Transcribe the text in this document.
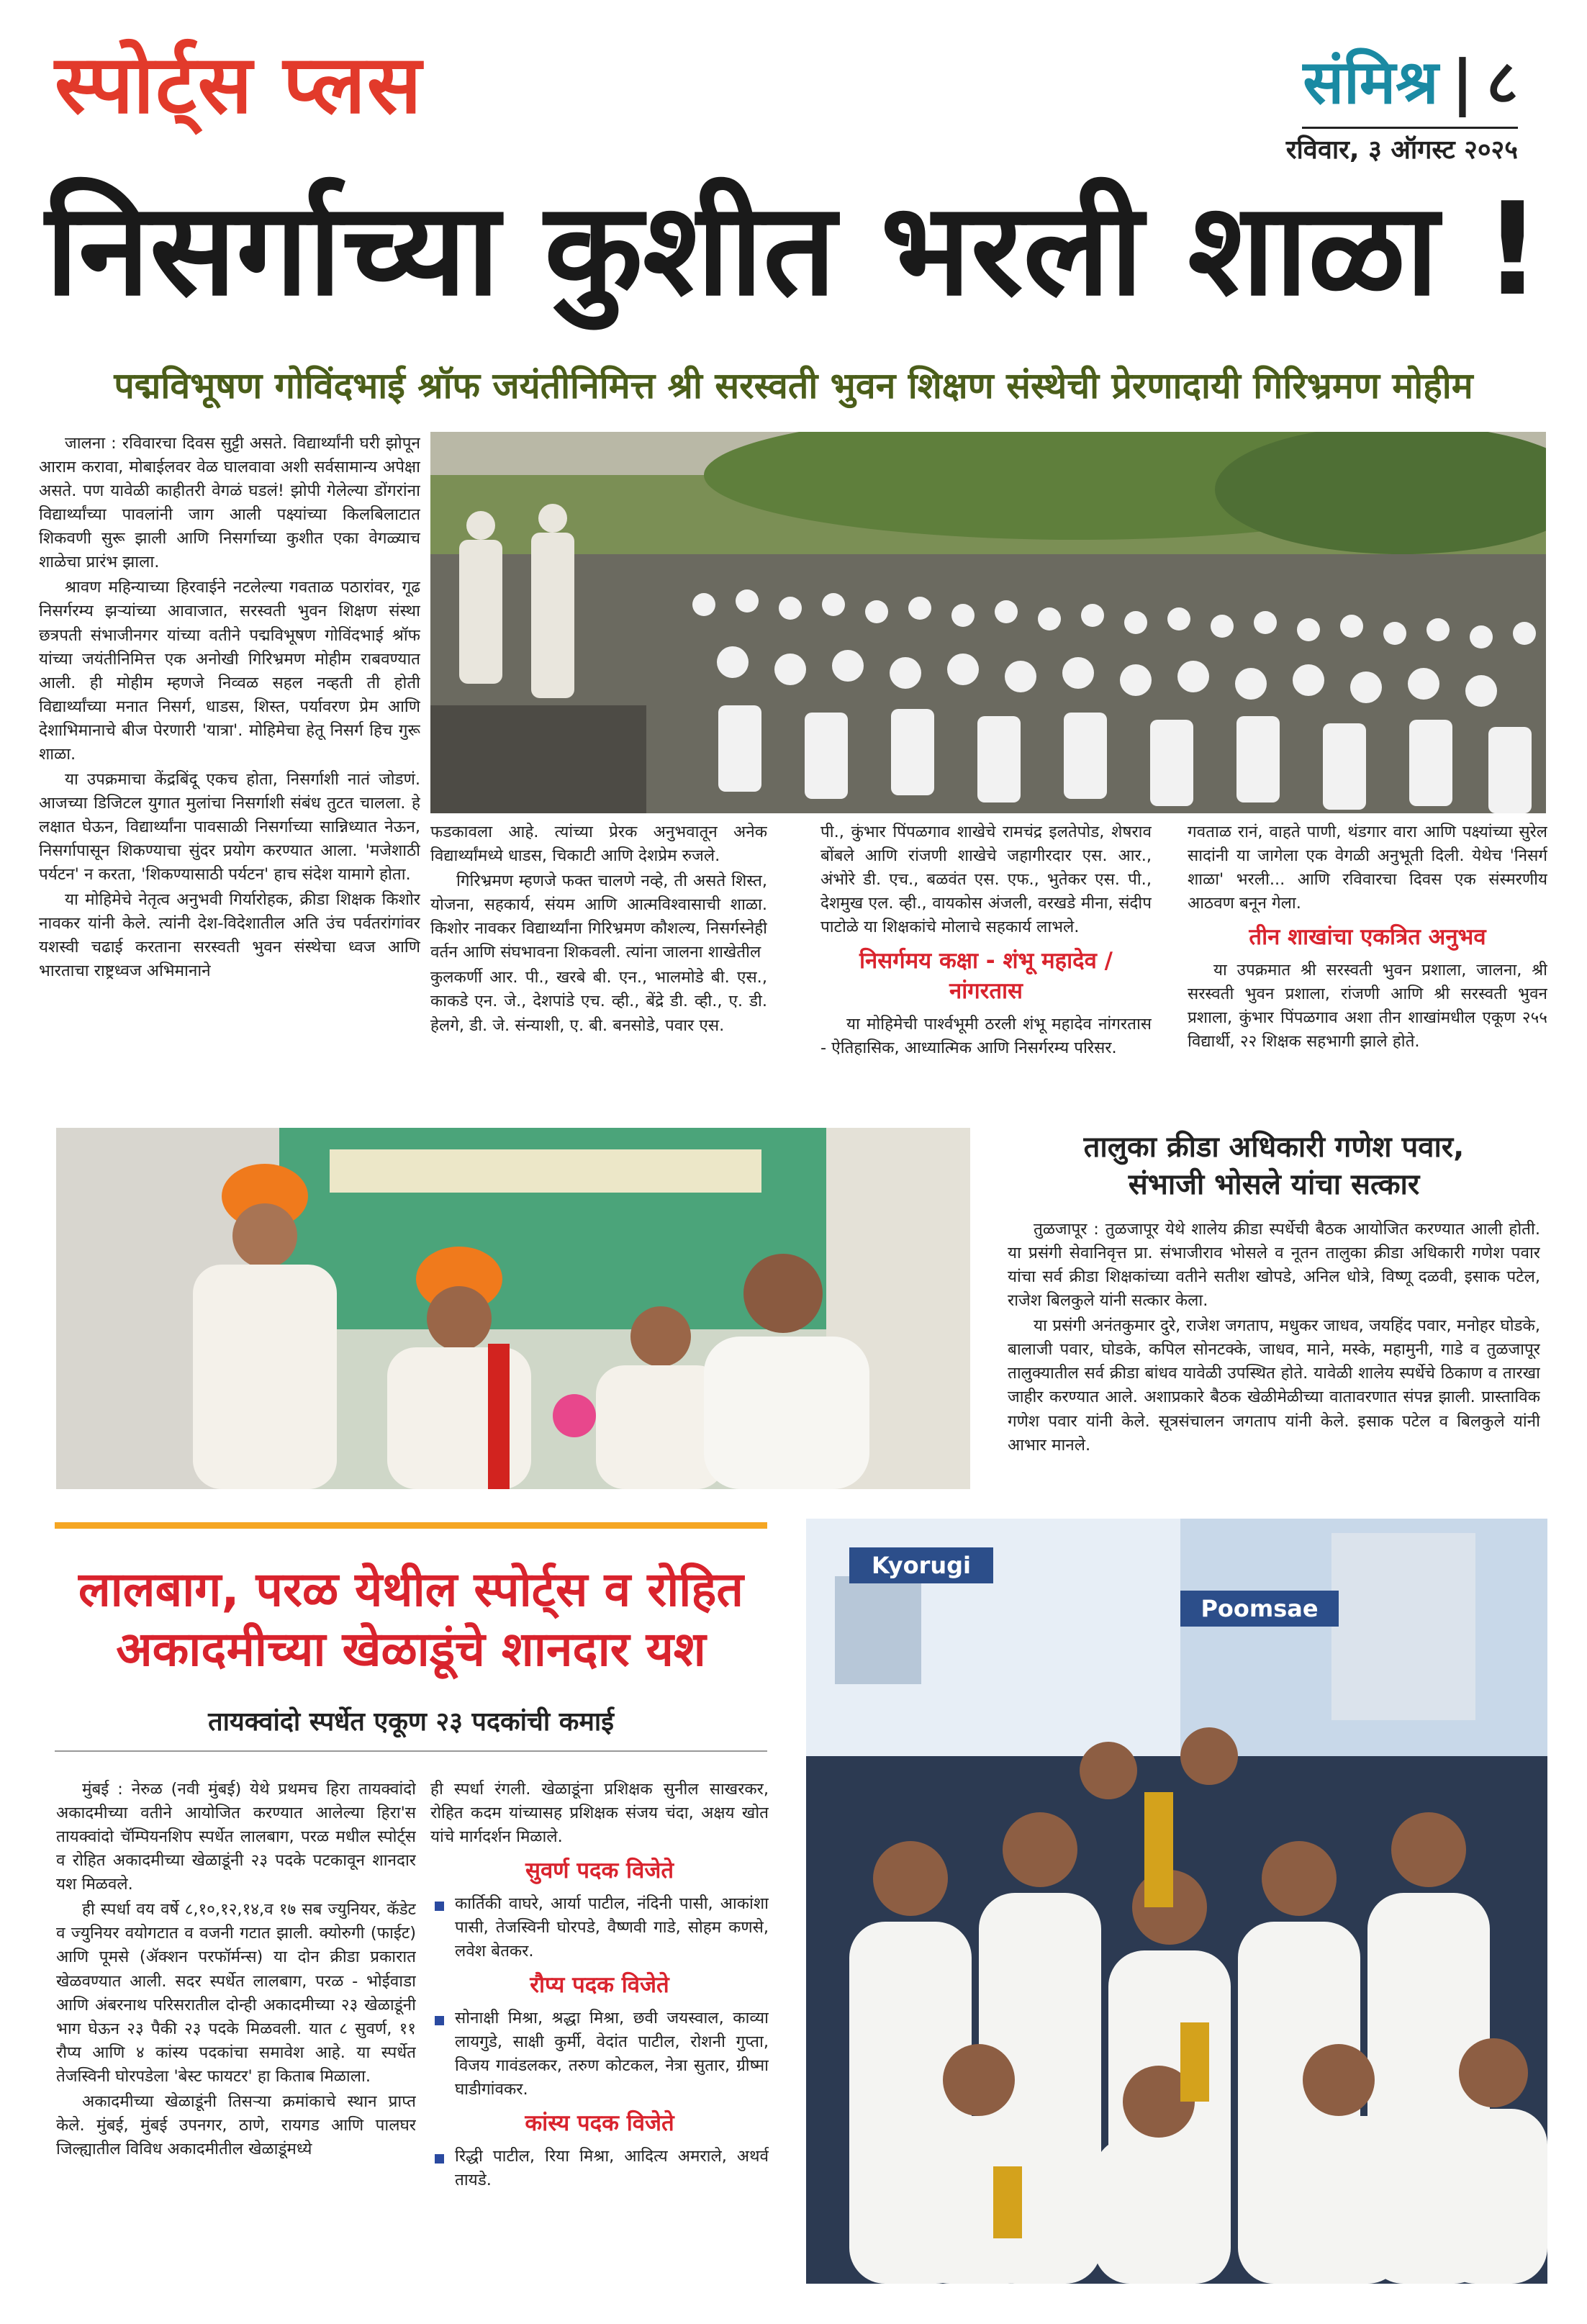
स्पोर्ट्स प्लस	संमिश्र | ८
रविवार, ३ ऑगस्ट २०२५
निसर्गाच्या कुशीत भरली शाळा !
पद्मविभूषण गोविंदभाई श्रॉफ जयंतीनिमित्त श्री सरस्वती भुवन शिक्षण संस्थेची प्रेरणादायी गिरिभ्रमण मोहीम

जालना : रविवारचा दिवस सुट्टी असते. विद्यार्थ्यांनी घरी झोपून आराम करावा, मोबाईलवर वेळ घालवावा अशी सर्वसामान्य अपेक्षा असते. पण यावेळी काहीतरी वेगळं घडलं! झोपी गेलेल्या डोंगरांना विद्यार्थ्यांच्या पावलांनी जाग आली पक्ष्यांच्या किलबिलाटात शिकवणी सुरू झाली आणि निसर्गाच्या कुशीत एका वेगळ्याच शाळेचा प्रारंभ झाला.

श्रावण महिन्याच्या हिरवाईने नटलेल्या गवताळ पठारांवर, गूढ निसर्गरम्य झऱ्यांच्या आवाजात, सरस्वती भुवन शिक्षण संस्था छत्रपती संभाजीनगर यांच्या वतीने पद्मविभूषण गोविंदभाई श्रॉफ यांच्या जयंतीनिमित्त एक अनोखी गिरिभ्रमण मोहीम राबवण्यात आली. ही मोहीम म्हणजे निव्वळ सहल नव्हती ती होती विद्यार्थ्यांच्या मनात निसर्ग, धाडस, शिस्त, पर्यावरण प्रेम आणि देशाभिमानाचे बीज पेरणारी 'यात्रा'. मोहिमेचा हेतू निसर्ग हिच गुरू शाळा.

या उपक्रमाचा केंद्रबिंदू एकच होता, निसर्गाशी नातं जोडणं. आजच्या डिजिटल युगात मुलांचा निसर्गाशी संबंध तुटत चालला. हे लक्षात घेऊन, विद्यार्थ्यांना पावसाळी निसर्गाच्या सान्निध्यात नेऊन, निसर्गापासून शिकण्याचा सुंदर प्रयोग करण्यात आला. 'मजेशाठी पर्यटन' न करता, 'शिकण्यासाठी पर्यटन' हाच संदेश यामागे होता.

या मोहिमेचे नेतृत्व अनुभवी गिर्यारोहक, क्रीडा शिक्षक किशोर नावकर यांनी केले. त्यांनी देश-विदेशातील अति उंच पर्वतरांगांवर यशस्वी चढाई करताना सरस्वती भुवन संस्थेचा ध्वज आणि भारताचा राष्ट्रध्वज अभिमानाने

फडकावला आहे. त्यांच्या प्रेरक अनुभवातून अनेक विद्यार्थ्यांमध्ये धाडस, चिकाटी आणि देशप्रेम रुजले.

गिरिभ्रमण म्हणजे फक्त चालणे नव्हे, ती असते शिस्त, योजना, सहकार्य, संयम आणि आत्मविश्वासाची शाळा. किशोर नावकर विद्यार्थ्यांना गिरिभ्रमण कौशल्य, निसर्गस्नेही वर्तन आणि संघभावना शिकवली. त्यांना जालना शाखेतील

कुलकर्णी आर. पी., खरबे बी. एन., भालमोडे बी. एस., काकडे एन. जे., देशपांडे एच. व्ही., बेंद्रे डी. व्ही., ए. डी. हेलगे, डी. जे. संन्याशी, ए. बी. बनसोडे, पवार एस.

पी., कुंभार पिंपळगाव शाखेचे रामचंद्र इलतेपोड, शेषराव बोंबले आणि रांजणी शाखेचे जहागीरदार एस. आर., अंभोरे डी. एच., बळवंत एस. एफ., भुतेकर एस. पी., देशमुख एल. व्ही., वायकोस अंजली, वरखडे मीना, संदीप पाटोळे या शिक्षकांचे मोलाचे सहकार्य लाभले.

निसर्गमय कक्षा - शंभू महादेव / नांगरतास

या मोहिमेची पार्श्वभूमी ठरली शंभू महादेव नांगरतास - ऐतिहासिक, आध्यात्मिक आणि निसर्गरम्य परिसर.

गवताळ रानं, वाहते पाणी, थंडगार वारा आणि पक्ष्यांच्या सुरेल सादांनी या जागेला एक वेगळी अनुभूती दिली. येथेच 'निसर्ग शाळा' भरली... आणि रविवारचा दिवस एक संस्मरणीय आठवण बनून गेला.

तीन शाखांचा एकत्रित अनुभव

या उपक्रमात श्री सरस्वती भुवन प्रशाला, जालना, श्री सरस्वती भुवन प्रशाला, रांजणी आणि श्री सरस्वती भुवन प्रशाला, कुंभार पिंपळगाव अशा तीन शाखांमधील एकूण २५५ विद्यार्थी, २२ शिक्षक सहभागी झाले होते.

तालुका क्रीडा अधिकारी गणेश पवार,
संभाजी भोसले यांचा सत्कार

तुळजापूर : तुळजापूर येथे शालेय क्रीडा स्पर्धेची बैठक आयोजित करण्यात आली होती. या प्रसंगी सेवानिवृत्त प्रा. संभाजीराव भोसले व नूतन तालुका क्रीडा अधिकारी गणेश पवार यांचा सर्व क्रीडा शिक्षकांच्या वतीने सतीश खोपडे, अनिल धोत्रे, विष्णू दळवी, इसाक पटेल, राजेश बिलकुले यांनी सत्कार केला.

या प्रसंगी अनंतकुमार दुरे, राजेश जगताप, मधुकर जाधव, जयहिंद पवार, मनोहर घोडके, बालाजी पवार, घोडके, कपिल सोनटक्के, जाधव, माने, मस्के, महामुनी, गाडे व तुळजापूर तालुक्यातील सर्व क्रीडा बांधव यावेळी उपस्थित होते. यावेळी शालेय स्पर्धेचे ठिकाण व तारखा जाहीर करण्यात आले. अशाप्रकारे बैठक खेळीमेळीच्या वातावरणात संपन्न झाली. प्रास्ताविक गणेश पवार यांनी केले. सूत्रसंचालन जगताप यांनी केले. इसाक पटेल व बिलकुले यांनी आभार मानले.

लालबाग, परळ येथील स्पोर्ट्स व रोहित
अकादमीच्या खेळाडूंचे शानदार यश
तायक्वांदो स्पर्धेत एकूण २३ पदकांची कमाई

मुंबई : नेरुळ (नवी मुंबई) येथे प्रथमच हिरा तायक्वांदो अकादमीच्या वतीने आयोजित करण्यात आलेल्या हिरा'स तायक्वांदो चॅम्पियनशिप स्पर्धेत लालबाग, परळ मधील स्पोर्ट्स व रोहित अकादमीच्या खेळाडूंनी २३ पदके पटकावून शानदार यश मिळवले.

ही स्पर्धा वय वर्षे ८,१०,१२,१४,व १७ सब ज्युनियर, कॅडेट व ज्युनियर वयोगटात व वजनी गटात झाली. क्योरुगी (फाईट) आणि पूमसे (ॲक्शन परफॉर्मन्स) या दोन क्रीडा प्रकारात खेळवण्यात आली. सदर स्पर्धेत लालबाग, परळ - भोईवाडा आणि अंबरनाथ परिसरातील दोन्ही अकादमीच्या २३ खेळाडूंनी भाग घेऊन २३ पैकी २३ पदके मिळवली. यात ८ सुवर्ण, ११ रौप्य आणि ४ कांस्य पदकांचा समावेश आहे. या स्पर्धेत तेजस्विनी घोरपडेला 'बेस्ट फायटर' हा किताब मिळाला.

अकादमीच्या खेळाडूंनी तिसऱ्या क्रमांकाचे स्थान प्राप्त केले. मुंबई, मुंबई उपनगर, ठाणे, रायगड आणि पालघर जिल्ह्यातील विविध अकादमीतील खेळाडूंमध्ये

ही स्पर्धा रंगली. खेळाडूंना प्रशिक्षक सुनील साखरकर, रोहित कदम यांच्यासह प्रशिक्षक संजय चंदा, अक्षय खोत यांचे मार्गदर्शन मिळाले.

सुवर्ण पदक विजेते
कार्तिकी वाघरे, आर्या पाटील, नंदिनी पासी, आकांशा पासी, तेजस्विनी घोरपडे, वैष्णवी गाडे, सोहम कणसे, लवेश बेतकर.
रौप्य पदक विजेते
सोनाक्षी मिश्रा, श्रद्धा मिश्रा, छवी जयस्वाल, काव्या लायगुडे, साक्षी कुर्मी, वेदांत पाटील, रोशनी गुप्ता, विजय गावंडलकर, तरुण कोटकल, नेत्रा सुतार, ग्रीष्मा घाडीगांवकर.
कांस्य पदक विजेते
रिद्धी पाटील, रिया मिश्रा, आदित्य अमराले, अथर्व तायडे.
Kyorugi
Poomsae
